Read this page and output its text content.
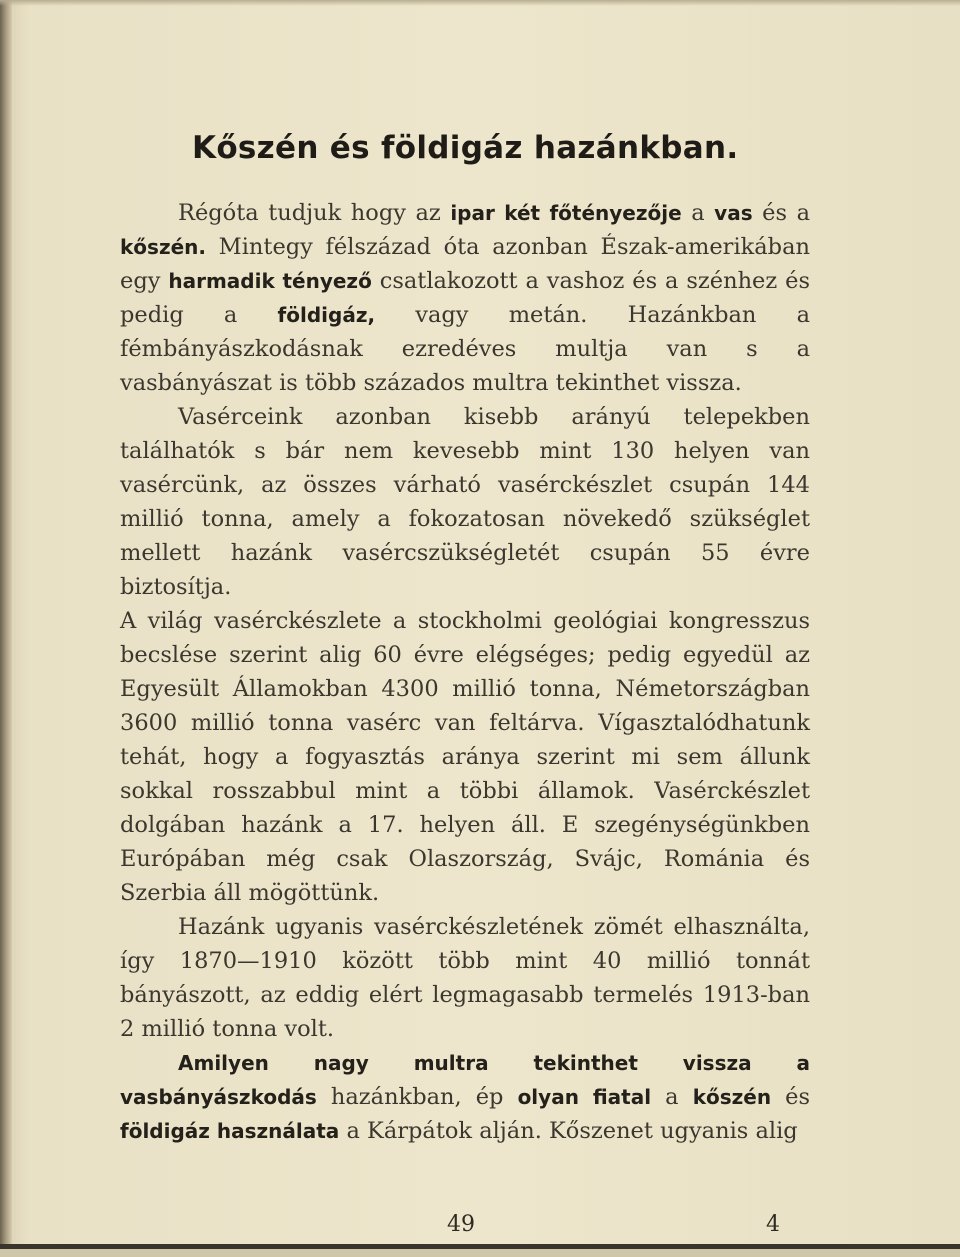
Kőszén és földigáz hazánkban.

Régóta tudjuk hogy az ipar két főtényezője a vas és a kőszén. Mintegy félszázad óta azonban Észak-amerikában egy harmadik tényező csatlakozott a vashoz és a szénhez és pedig a földigáz, vagy metán. Hazánkban a fémbányászkodásnak ezredéves multja van s a vasbányászat is több százados multra tekinthet vissza.

Vasérceink azonban kisebb arányú telepekben találhatók s bár nem kevesebb mint 130 helyen van vasércünk, az összes várható vasérckészlet csupán 144 millió tonna, amely a fokozatosan növekedő szükséglet mellett hazánk vasércszükségletét csupán 55 évre biztosítja.

A világ vasérckészlete a stockholmi geológiai kongresszus becslése szerint alig 60 évre elégséges; pedig egyedül az Egyesült Államokban 4300 millió tonna, Németországban 3600 millió tonna vasérc van feltárva. Vígasztalódhatunk tehát, hogy a fogyasztás aránya szerint mi sem állunk sokkal rosszabbul mint a többi államok. Vasérckészlet dolgában hazánk a 17. helyen áll. E szegénységünkben Európában még csak Olaszország, Svájc, Románia és Szerbia áll mögöttünk.

Hazánk ugyanis vasérckészletének zömét elhasználta, így 1870—1910 között több mint 40 millió tonnát bányászott, az eddig elért legmagasabb termelés 1913-ban 2 millió tonna volt.

Amilyen nagy multra tekinthet vissza a vasbányászkodás hazánkban, ép olyan fiatal a kőszén és földigáz használata a Kárpátok alján. Kőszenet ugyanis alig

49	4
